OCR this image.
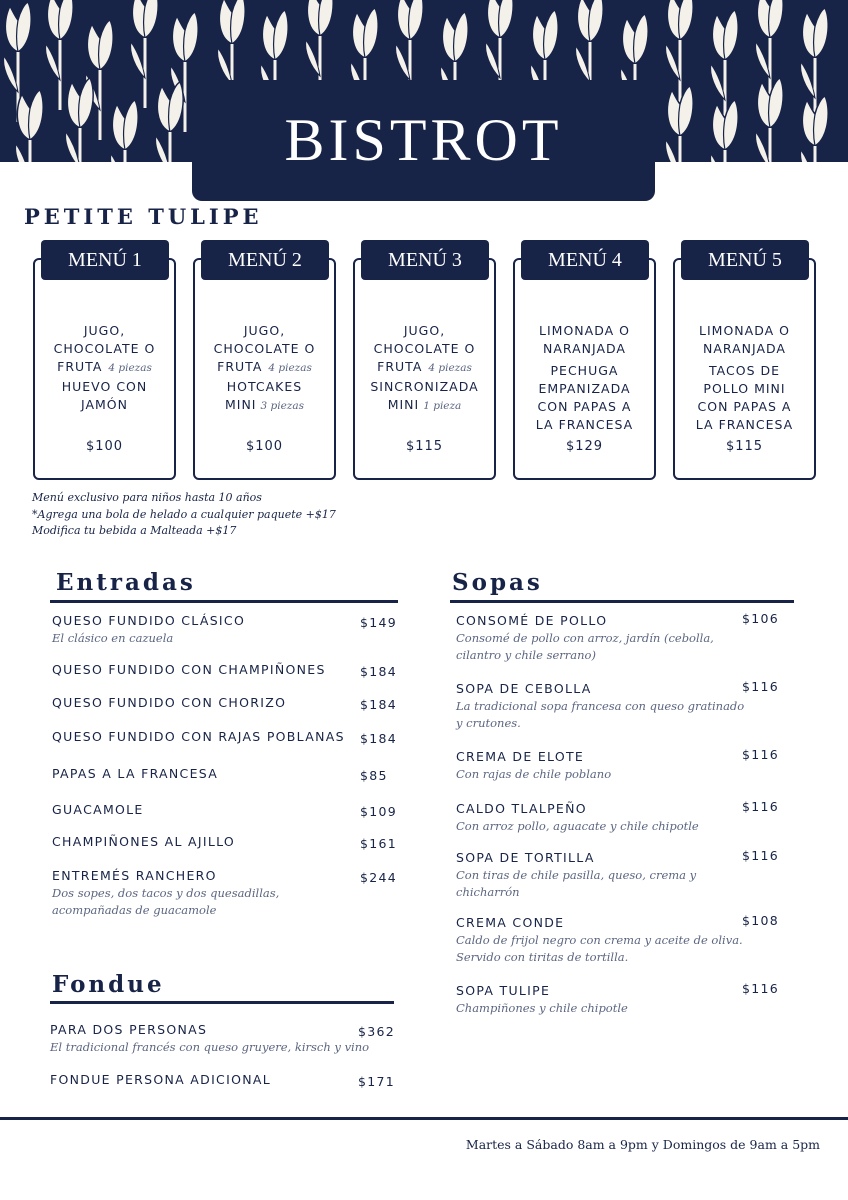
BISTROT
PETITE TULIPE
MENÚ 1
JUGO,
CHOCOLATE O
FRUTA 4 piezas
HUEVO CON
JAMÓN
$100
MENÚ 2
JUGO,
CHOCOLATE O
FRUTA 4 piezas
HOTCAKES
MINI 3 piezas
$100
MENÚ 3
JUGO,
CHOCOLATE O
FRUTA 4 piezas
SINCRONIZADA
MINI 1 pieza
$115
MENÚ 4
LIMONADA O
NARANJADA
PECHUGA
EMPANIZADA
CON PAPAS A
LA FRANCESA
$129
MENÚ 5
LIMONADA O
NARANJADA
TACOS DE
POLLO MINI
CON PAPAS A
LA FRANCESA
$115
Menú exclusivo para niños hasta 10 años
*Agrega una bola de helado a cualquier paquete +$17
Modifica tu bebida a Malteada +$17
Entradas
QUESO FUNDIDO CLÁSICO	$149
El clásico en cazuela
QUESO FUNDIDO CON CHAMPIÑONES	$184
QUESO FUNDIDO CON CHORIZO	$184
QUESO FUNDIDO CON RAJAS POBLANAS $184
PAPAS A LA FRANCESA	$85
GUACAMOLE	$109
CHAMPIÑONES AL AJILLO	$161
ENTREMÉS RANCHERO	$244
Dos sopes, dos tacos y dos quesadillas, acompañadas de guacamole
Fondue
PARA DOS PERSONAS	$362
El tradicional francés con queso gruyere, kirsch y vino
FONDUE PERSONA ADICIONAL	$171
Sopas
CONSOMÉ DE POLLO	$106
Consomé de pollo con arroz, jardín (cebolla, cilantro y chile serrano)
SOPA DE CEBOLLA	$116
La tradicional sopa francesa con queso gratinado y crutones.
CREMA DE ELOTE	$116
Con rajas de chile poblano
CALDO TLALPEÑO	$116
Con arroz pollo, aguacate y chile chipotle
SOPA DE TORTILLA	$116
Con tiras de chile pasilla, queso, crema y chicharrón
CREMA CONDE	$108
Caldo de frijol negro con crema y aceite de oliva. Servido con tiritas de tortilla.
SOPA TULIPE	$116
Champiñones y chile chipotle
Martes a Sábado 8am a 9pm y Domingos de 9am a 5pm
